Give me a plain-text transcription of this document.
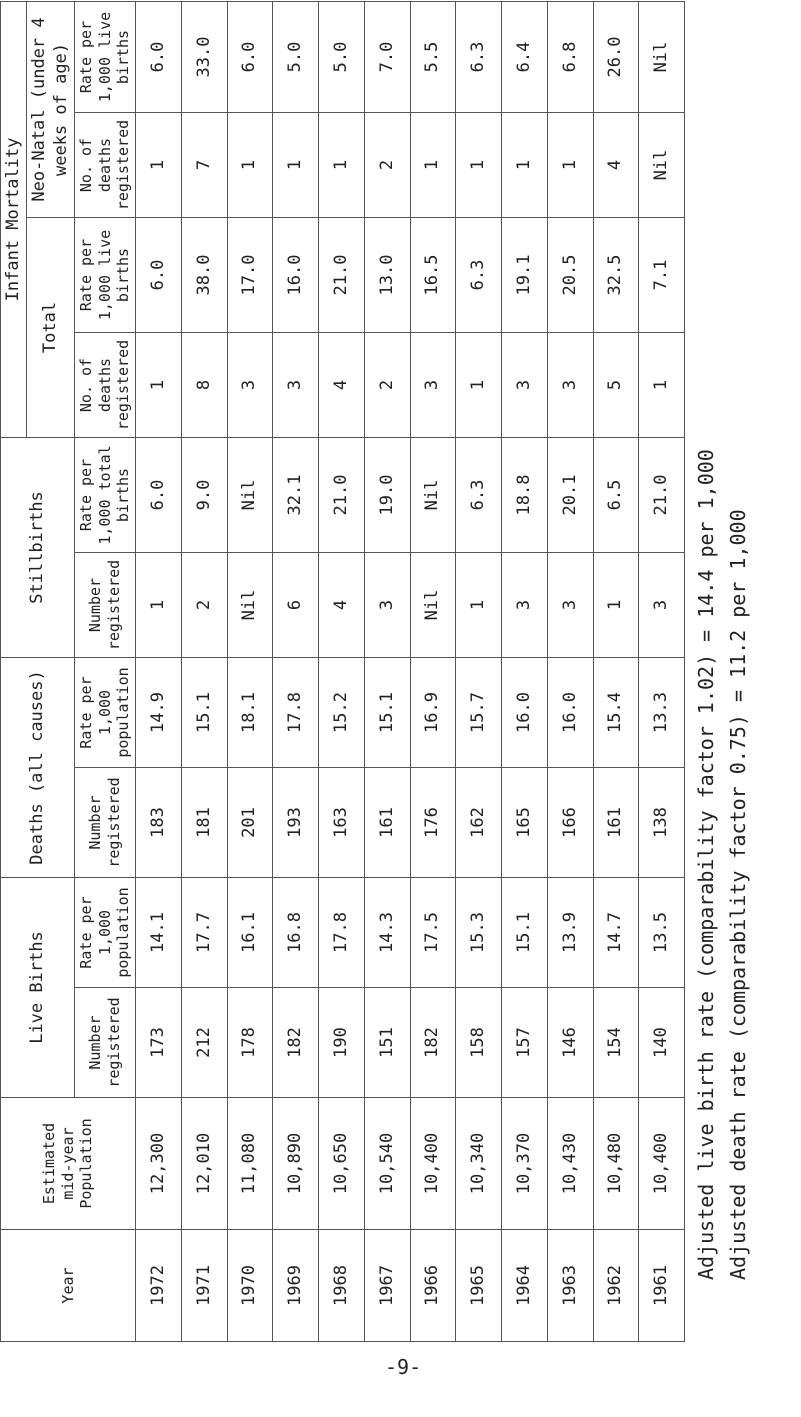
Year	Estimated mid-year Population	Live Births		Deaths (all causes)		Stillbirths		Infant Mortality			
								Total		Neo-Natal (under 4 weeks of age)	
		Number registered	Rate per 1,000 population	Number registered	Rate per 1,000 population	Number registered	Rate per 1,000 total births	No. of deaths registered	Rate per 1,000 live births	No. of deaths registered	Rate per 1,000 live births
1972	12,300	173	14.1	183	14.9	1	6.0	1	6.0	1	6.0
1971	12,010	212	17.7	181	15.1	2	9.0	8	38.0	7	33.0
1970	11,080	178	16.1	201	18.1	Nil	Nil	3	17.0	1	6.0
1969	10,890	182	16.8	193	17.8	6	32.1	3	16.0	1	5.0
1968	10,650	190	17.8	163	15.2	4	21.0	4	21.0	1	5.0
1967	10,540	151	14.3	161	15.1	3	19.0	2	13.0	2	7.0
1966	10,400	182	17.5	176	16.9	Nil	Nil	3	16.5	1	5.5
1965	10,340	158	15.3	162	15.7	1	6.3	1	6.3	1	6.3
1964	10,370	157	15.1	165	16.0	3	18.8	3	19.1	1	6.4
1963	10,430	146	13.9	166	16.0	3	20.1	3	20.5	1	6.8
1962	10,480	154	14.7	161	15.4	1	6.5	5	32.5	4	26.0
1961	10,400	140	13.5	138	13.3	3	21.0	1	7.1	Nil	Nil
Adjusted live birth rate (comparability factor 1.02) = 14.4 per 1,000 Adjusted death rate (comparability factor 0.75) = 11.2 per 1,000
-9-
